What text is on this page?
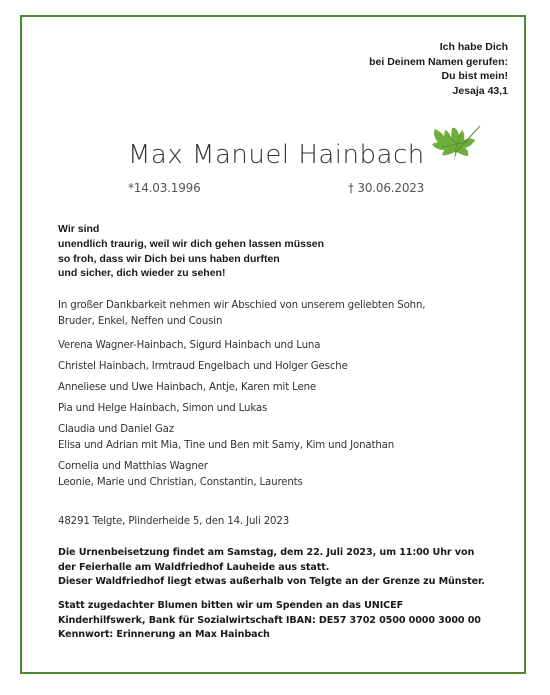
Ich habe Dich
bei Deinem Namen gerufen:
Du bist mein!
Jesaja 43,1
Max Manuel Hainbach
*14.03.1996	† 30.06.2023
Wir sind
unendlich traurig, weil wir dich gehen lassen müssen
so froh, dass wir Dich bei uns haben durften
und sicher, dich wieder zu sehen!
In großer Dankbarkeit nehmen wir Abschied von unserem geliebten Sohn,
Bruder, Enkel, Neffen und Cousin
Verena Wagner-Hainbach, Sigurd Hainbach und Luna
Christel Hainbach, Irmtraud Engelbach und Holger Gesche
Anneliese und Uwe Hainbach, Antje, Karen mit Lene
Pia und Helge Hainbach, Simon und Lukas
Claudia und Daniel Gaz
Elisa und Adrian mit Mia, Tine und Ben mit Samy, Kim und Jonathan
Cornelia und Matthias Wagner
Leonie, Marie und Christian, Constantin, Laurents
48291 Telgte, Plinderheide 5, den 14. Juli 2023
Die Urnenbeisetzung findet am Samstag, dem 22. Juli 2023, um 11:00 Uhr von
der Feierhalle am Waldfriedhof Lauheide aus statt.
Dieser Waldfriedhof liegt etwas außerhalb von Telgte an der Grenze zu Münster.
Statt zugedachter Blumen bitten wir um Spenden an das UNICEF
Kinderhilfswerk, Bank für Sozialwirtschaft IBAN: DE57 3702 0500 0000 3000 00
Kennwort: Erinnerung an Max Hainbach
